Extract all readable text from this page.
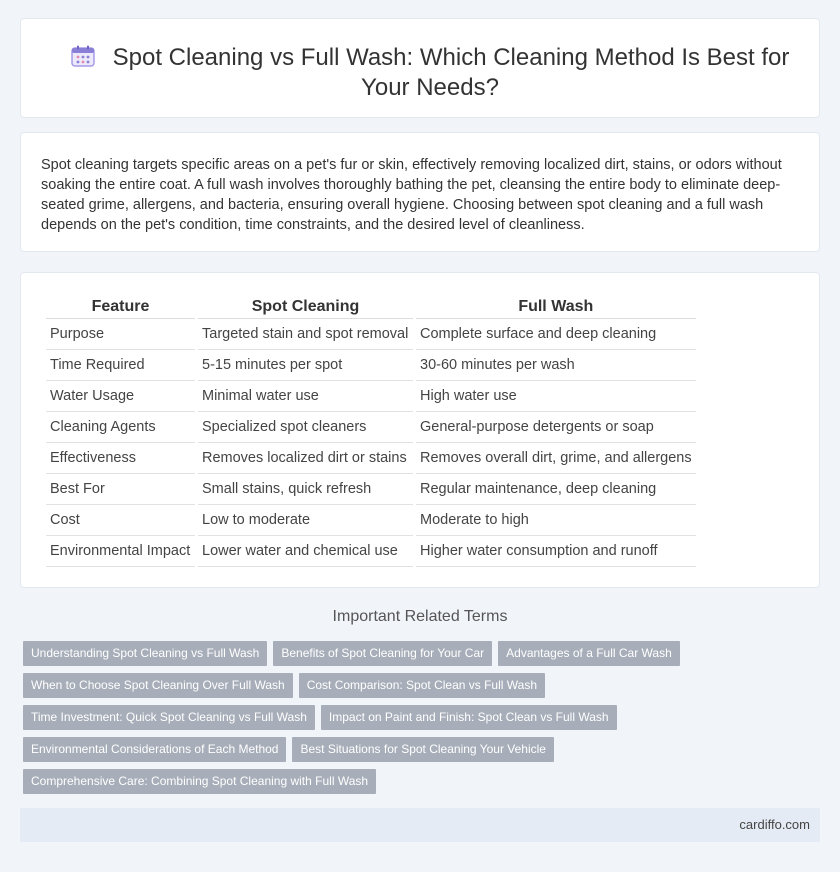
Spot Cleaning vs Full Wash: Which Cleaning Method Is Best for Your Needs?

Spot cleaning targets specific areas on a pet's fur or skin, effectively removing localized dirt, stains, or odors without soaking the entire coat. A full wash involves thoroughly bathing the pet, cleansing the entire body to eliminate deep-seated grime, allergens, and bacteria, ensuring overall hygiene. Choosing between spot cleaning and a full wash depends on the pet's condition, time constraints, and the desired level of cleanliness.

Feature	Spot Cleaning	Full Wash
Purpose	Targeted stain and spot removal	Complete surface and deep cleaning
Time Required	5-15 minutes per spot	30-60 minutes per wash
Water Usage	Minimal water use	High water use
Cleaning Agents	Specialized spot cleaners	General-purpose detergents or soap
Effectiveness	Removes localized dirt or stains	Removes overall dirt, grime, and allergens
Best For	Small stains, quick refresh	Regular maintenance, deep cleaning
Cost	Low to moderate	Moderate to high
Environmental Impact	Lower water and chemical use	Higher water consumption and runoff
Important Related Terms
Understanding Spot Cleaning vs Full Wash Benefits of Spot Cleaning for Your Car Advantages of a Full Car Wash
When to Choose Spot Cleaning Over Full Wash Cost Comparison: Spot Clean vs Full Wash
Time Investment: Quick Spot Cleaning vs Full Wash Impact on Paint and Finish: Spot Clean vs Full Wash
Environmental Considerations of Each Method Best Situations for Spot Cleaning Your Vehicle
Comprehensive Care: Combining Spot Cleaning with Full Wash
cardiffo.com
